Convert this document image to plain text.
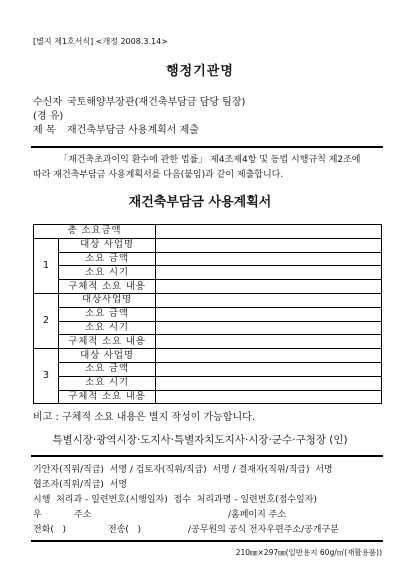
[별지 제1호서식] <개정 2008.3.14>
행정기관명
수신자 국토해양부장관(재건축부담금 담당 팀장)
(경 유)
제 목 재건축부담금 사용계획서 제출
「재건축초과이익 환수에 관한 법률」 제4조제4항 및 동법 시행규칙 제2조에
따라 재건축부담금 사용계획서를 다음(붙임)과 같이 제출합니다.
재건축부담금 사용계획서
총 소요금액		
1	대상 사업명	
	소요 금액	
	소요 시기	
	구체적 소요 내용	
2	대상사업명	
	소요 금액	
	소요 시기	
	구체적 소요 내용	
3	대상 사업명	
	소요 금액	
	소요 시기	
	구체적 소요 내용	
비고 : 구체적 소요 내용은 별지 작성이 가능합니다.
특별시장·광역시장·도지사·특별자치도지사·시장·군수·구청장 (인)
기안자(직위/직급)  서명 / 검토자(직위/직급)  서명 / 결재자(직위/직급)  서명
협조자(직위/직급)  서명
시행  처리과 - 일련번호(시행일자)  접수  처리과명 - 일련번호(접수일자)
우	주소	/홈페이지 주소
전화(   )	전송(   )	/공무원의 공식 전자우편주소/공개구분
210㎜×297㎜(일반용지 60g/㎡(재활용품))
